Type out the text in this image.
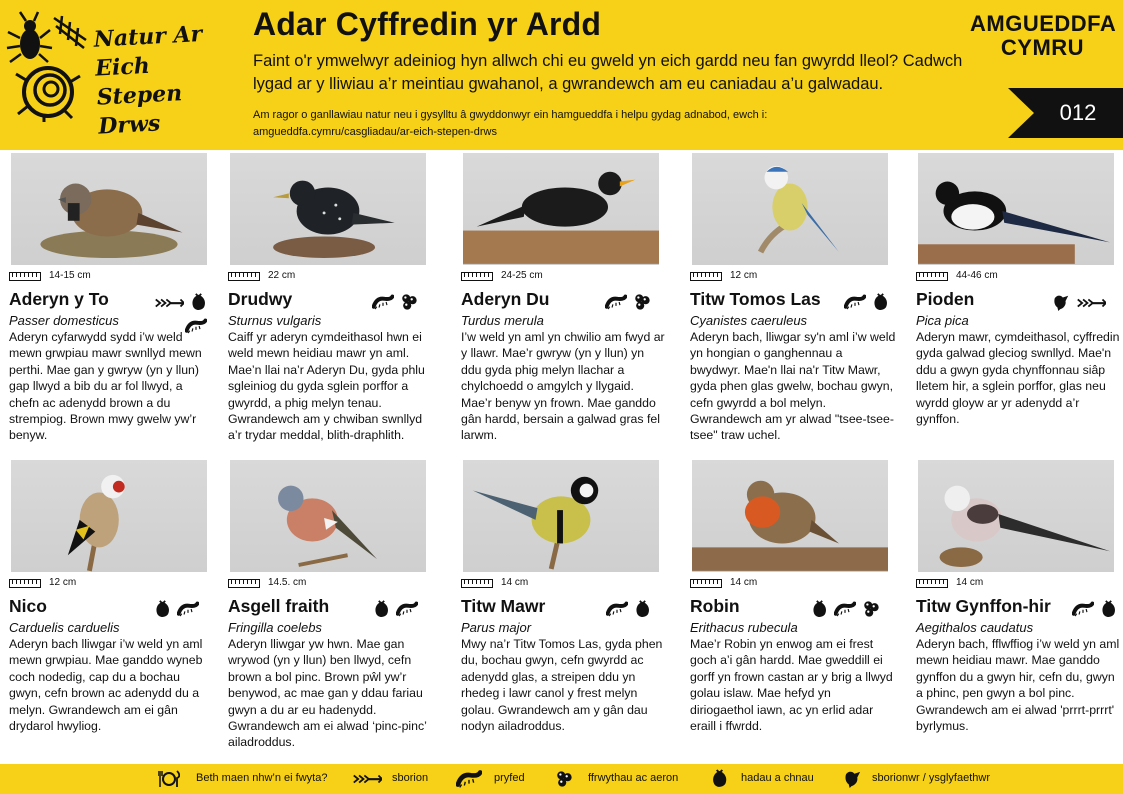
Natur Ar Eich Stepen Drws
Adar Cyffredin yr Ardd
Faint o'r ymwelwyr adeiniog hyn allwch chi eu gweld yn eich gardd neu fan gwyrdd lleol? Cadwch lygad ar y lliwiau a’r meintiau gwahanol, a gwrandewch am eu caniadau a’u galwadau.
Am ragor o ganllawiau natur neu i gysylltu â gwyddonwyr ein hamgueddfa i helpu gydag adnabod, ewch i: amgueddfa.cymru/casgliadau/ar-eich-stepen-drws
AMGUEDDFA
CYMRU
012
14-15 cm
Aderyn y To
Passer domesticus
Aderyn cyfarwydd sydd i’w weld mewn grwpiau mawr swnllyd mewn perthi. Mae gan y gwryw (yn y llun) gap llwyd a bib du ar fol llwyd, a chefn ac adenydd brown a du strempiog. Brown mwy gwelw yw’r benyw.
22 cm
Drudwy
Sturnus vulgaris
Caiff yr aderyn cymdeithasol hwn ei weld mewn heidiau mawr yn aml. Mae’n llai na’r Aderyn Du, gyda phlu sgleiniog du gyda sglein porffor a gwyrdd, a phig melyn tenau. Gwrandewch am y chwiban swnllyd a’r trydar meddal, blith-draphlith.
24-25 cm
Aderyn Du
Turdus merula
I’w weld yn aml yn chwilio am fwyd ar y llawr. Mae’r gwryw (yn y llun) yn ddu gyda phig melyn llachar a chylchoedd o amgylch y llygaid. Mae’r benyw yn frown. Mae ganddo gân hardd, bersain a galwad gras fel larwm.
12 cm
Titw Tomos Las
Cyanistes caeruleus
Aderyn bach, lliwgar sy'n aml i’w weld yn hongian o ganghennau a bwydwyr. Mae'n llai na'r Titw Mawr, gyda phen glas gwelw, bochau gwyn, cefn gwyrdd a bol melyn. Gwrandewch am yr alwad "tsee-tsee-tsee" traw uchel.
44-46 cm
Pioden
Pica pica
Aderyn mawr, cymdeithasol, cyffredin gyda galwad gleciog swnllyd. Mae'n ddu a gwyn gyda chynffonnau siâp lletem hir, a sglein porffor, glas neu wyrdd gloyw ar yr adenydd a’r gynffon.
12 cm
Nico
Carduelis carduelis
Aderyn bach lliwgar i’w weld yn aml mewn grwpiau. Mae ganddo wyneb coch nodedig, cap du a bochau gwyn, cefn brown ac adenydd du a melyn. Gwrandewch am ei gân drydarol hwyliog.
14.5. cm
Asgell fraith
Fringilla coelebs
Aderyn lliwgar yw hwn. Mae gan wrywod (yn y llun) ben llwyd, cefn brown a bol pinc. Brown pŵl yw’r benywod, ac mae gan y ddau fariau gwyn a du ar eu hadenydd. Gwrandewch am ei alwad ‘pinc-pinc’ ailadroddus.
14 cm
Titw Mawr
Parus major
Mwy na’r Titw Tomos Las, gyda phen du, bochau gwyn, cefn gwyrdd ac adenydd glas, a streipen ddu yn rhedeg i lawr canol y frest melyn golau. Gwrandewch am y gân dau nodyn ailadroddus.
14 cm
Robin
Erithacus rubecula
Mae’r Robin yn enwog am ei frest goch a’i gân hardd. Mae gweddill ei gorff yn frown castan ar y brig a llwyd golau islaw. Mae hefyd yn diriogaethol iawn, ac yn erlid adar eraill i ffwrdd.
14 cm
Titw Gynffon-hir
Aegithalos caudatus
Aderyn bach, fflwffiog i’w weld yn aml mewn heidiau mawr. Mae ganddo gynffon du a gwyn hir, cefn du, gwyn a phinc, pen gwyn a bol pinc. Gwrandewch am ei alwad 'prrrt-prrrt' byrlymus.
Beth maen nhw’n ei fwyta?	sborion	pryfed	ffrwythau ac aeron	hadau a chnau	sborionwr / ysglyfaethwr
